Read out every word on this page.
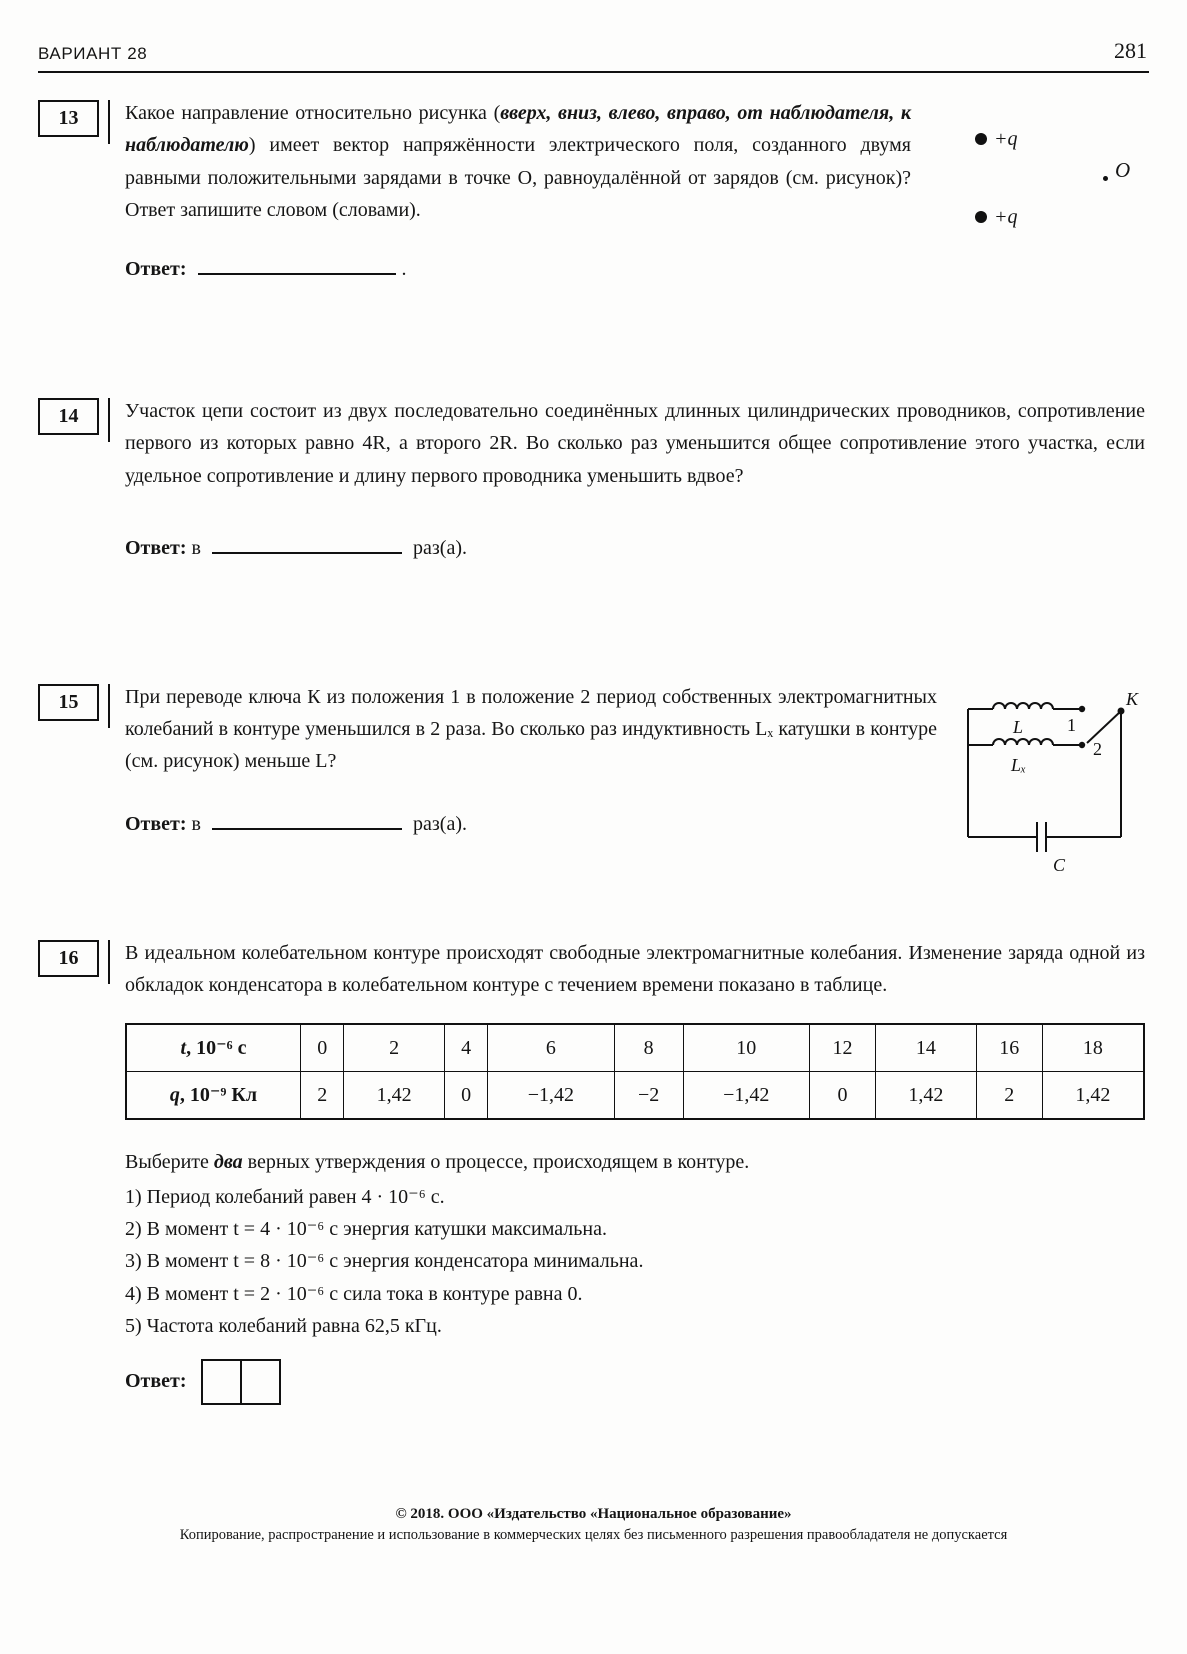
ВАРИАНТ 28	281
13
+q
O
+q
Какое направление относительно рисунка (вверх, вниз, влево, вправо, от наблюдателя, к наблюдателю) имеет вектор напряжённости электрического поля, созданного двумя равными положительными зарядами в точке О, равноудалённой от зарядов (см. рисунок)? Ответ запишите словом (словами).

Ответ:	.

14	Участок цепи состоит из двух последовательно соединённых длинных цилиндрических проводников, сопротивление первого из которых равно 4R, а второго 2R. Во сколько раз уменьшится общее сопротивление этого участка, если удельное сопротивление и длину первого проводника уменьшить вдвое?

Ответ: в	раз(а).

15
L 1
K
2
Lₓ
C
При переводе ключа К из положения 1 в положение 2 период собственных электромагнитных колебаний в контуре уменьшился в 2 раза. Во сколько раз индуктивность Lₓ катушки в контуре (см. рисунок) меньше L?

Ответ: в	раз(а).

16	В идеальном колебательном контуре происходят свободные электромагнитные колебания. Изменение заряда одной из обкладок конденсатора в колебательном контуре с течением времени показано в таблице.
t, 10⁻⁶ с	0	2	4	6	8	10	12	14	16	18
q, 10⁻⁹ Кл	2	1,42	0	−1,42	−2	−1,42	0	1,42	2	1,42

Выберите два верных утверждения о процессе, происходящем в контуре.

1) Период колебаний равен 4 · 10⁻⁶ с.

2) В момент t = 4 · 10⁻⁶ с энергия катушки максимальна.

3) В момент t = 8 · 10⁻⁶ с энергия конденсатора минимальна.

4) В момент t = 2 · 10⁻⁶ с сила тока в контуре равна 0.

5) Частота колебаний равна 62,5 кГц.

Ответ:

© 2018. ООО «Издательство «Национальное образование»

Копирование, распространение и использование в коммерческих целях без письменного разрешения правообладателя не допускается
